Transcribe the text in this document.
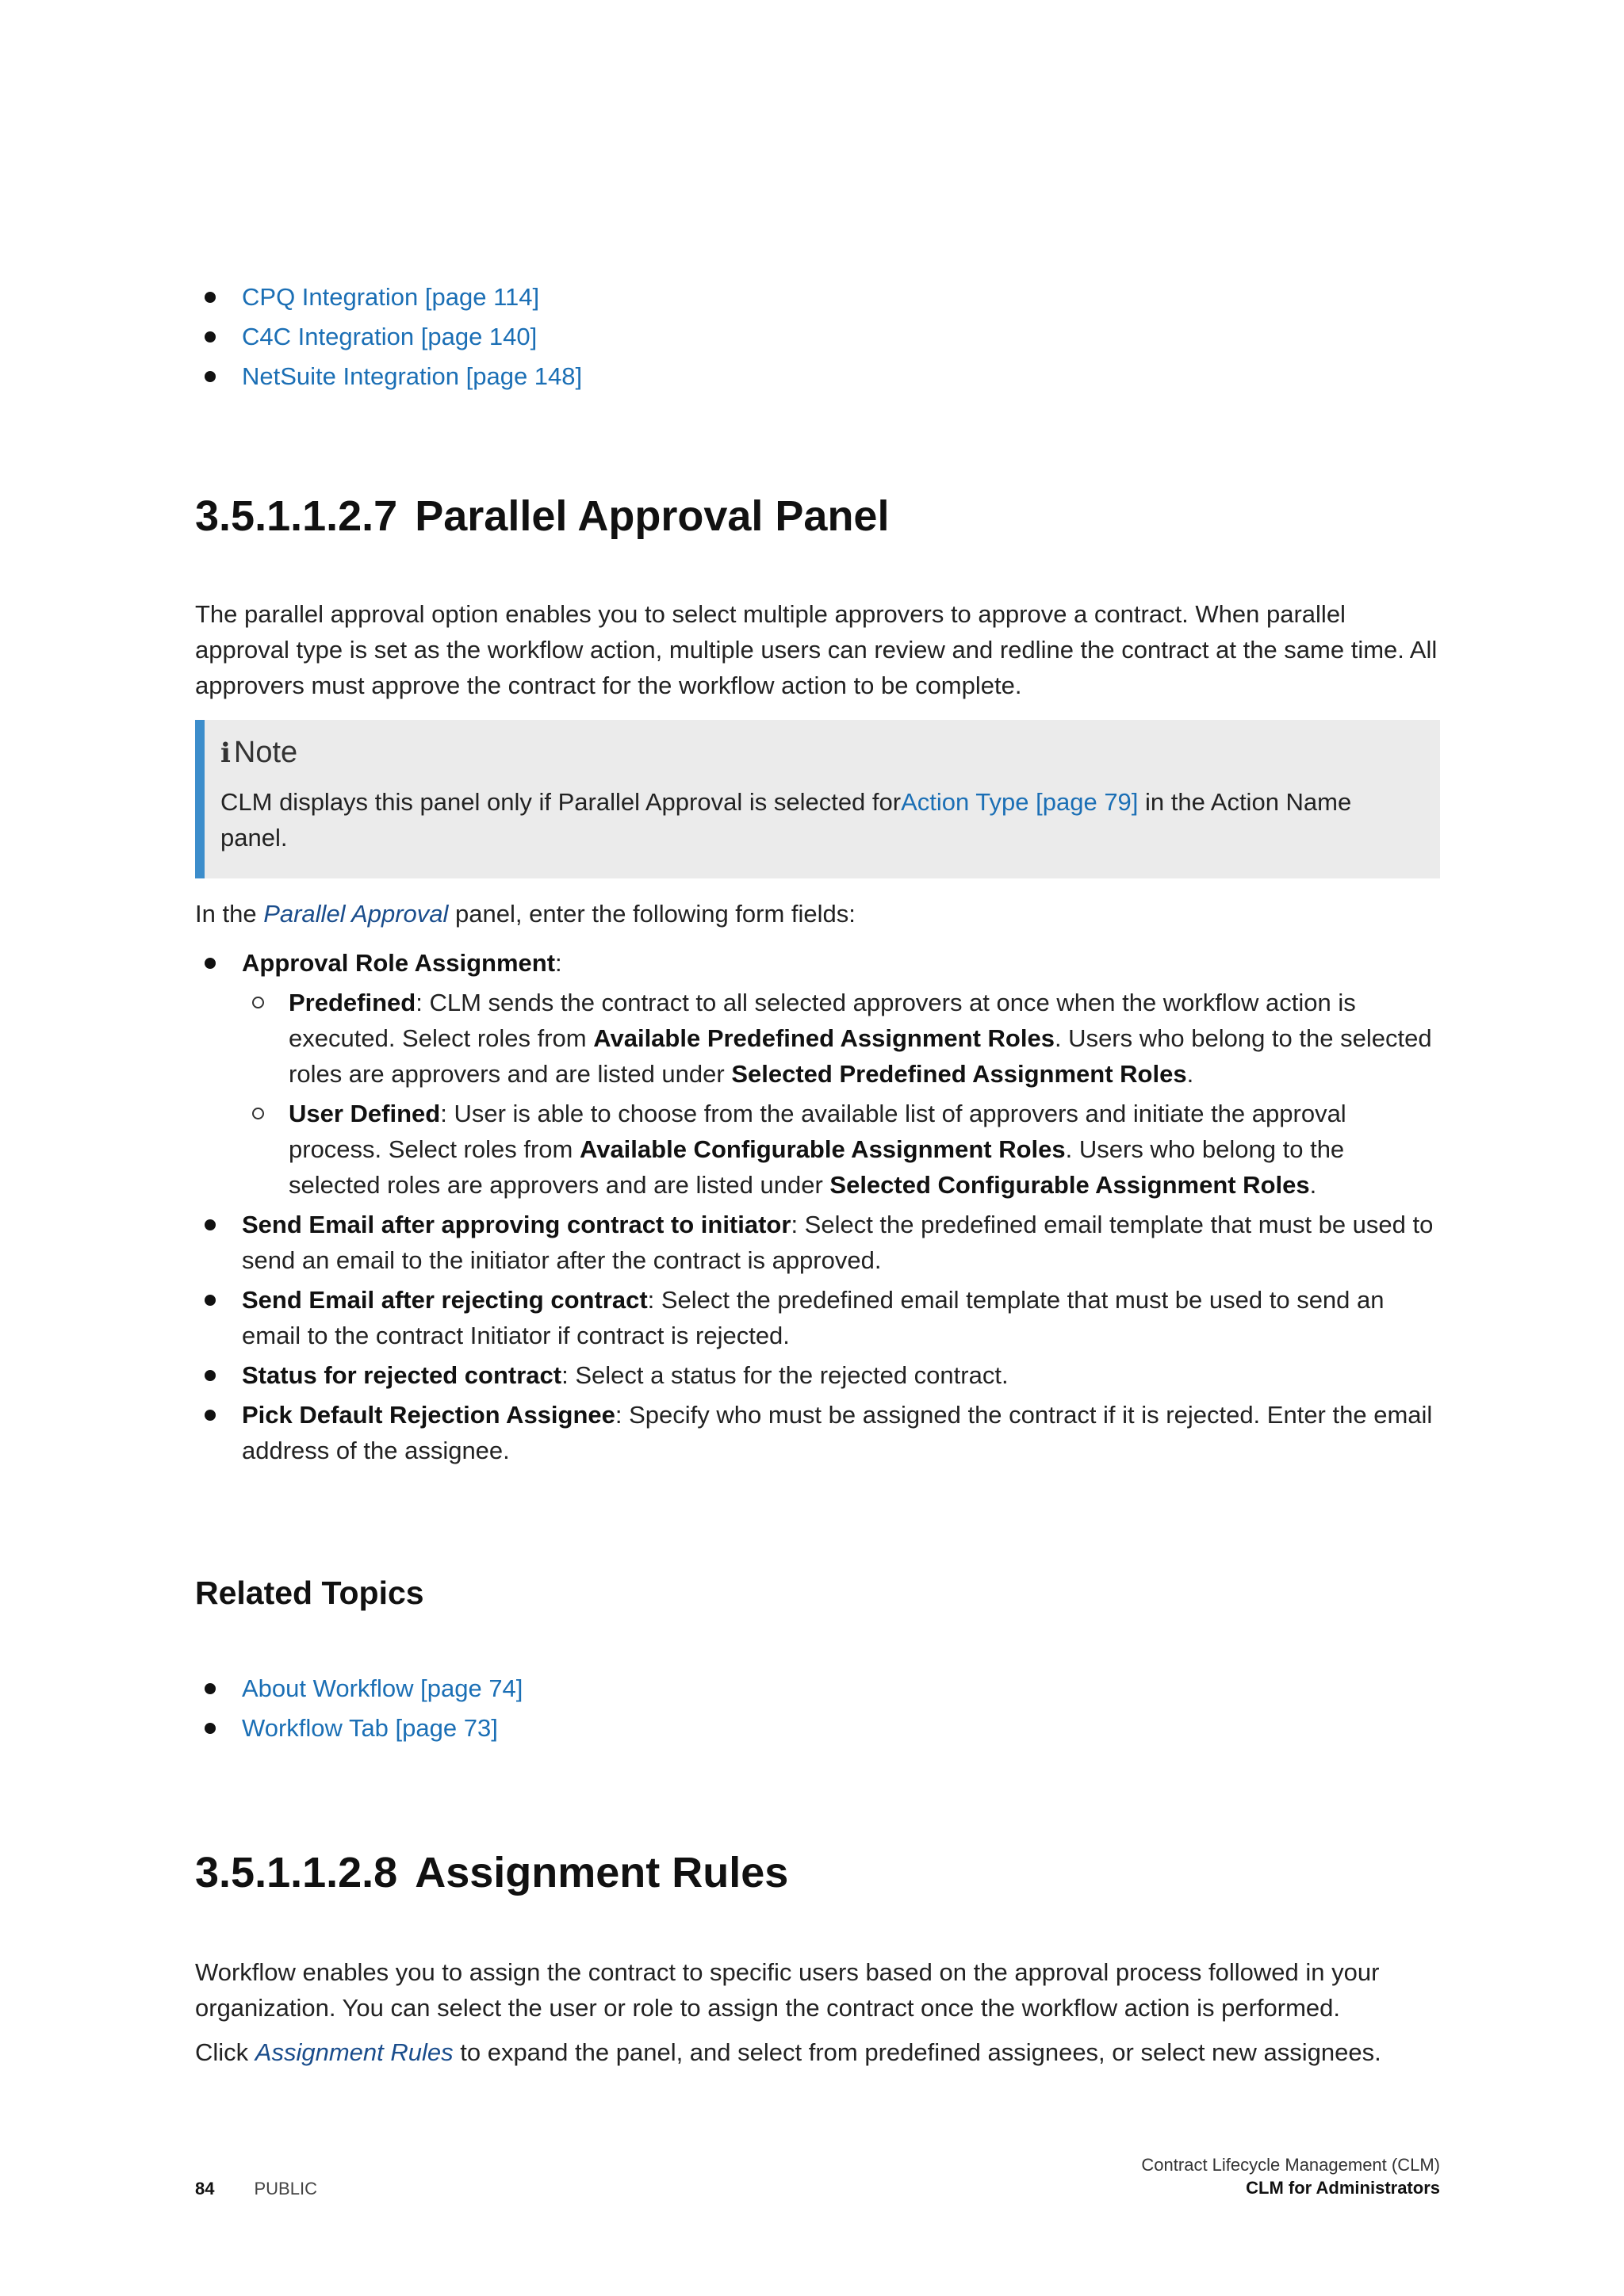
CPQ Integration [page 114]
C4C Integration [page 140]
NetSuite Integration [page 148]
3.5.1.1.2.7 Parallel Approval Panel

The parallel approval option enables you to select multiple approvers to approve a contract. When parallel approval type is set as the workflow action, multiple users can review and redline the contract at the same time. All approvers must approve the contract for the workflow action to be complete.

i Note
CLM displays this panel only if Parallel Approval is selected forAction Type [page 79] in the Action Name panel.

In the Parallel Approval panel, enter the following form fields:

Approval Role Assignment:
Predefined: CLM sends the contract to all selected approvers at once when the workflow action is executed. Select roles from Available Predefined Assignment Roles. Users who belong to the selected roles are approvers and are listed under Selected Predefined Assignment Roles.
User Defined: User is able to choose from the available list of approvers and initiate the approval process. Select roles from Available Configurable Assignment Roles. Users who belong to the selected roles are approvers and are listed under Selected Configurable Assignment Roles.
Send Email after approving contract to initiator: Select the predefined email template that must be used to send an email to the initiator after the contract is approved.
Send Email after rejecting contract: Select the predefined email template that must be used to send an email to the contract Initiator if contract is rejected.
Status for rejected contract: Select a status for the rejected contract.
Pick Default Rejection Assignee: Specify who must be assigned the contract if it is rejected. Enter the email address of the assignee.
Related Topics
About Workflow [page 74]
Workflow Tab [page 73]
3.5.1.1.2.8 Assignment Rules

Workflow enables you to assign the contract to specific users based on the approval process followed in your organization. You can select the user or role to assign the contract once the workflow action is performed.

Click Assignment Rules to expand the panel, and select from predefined assignees, or select new assignees.

84 PUBLIC
Contract Lifecycle Management (CLM)
CLM for Administrators
